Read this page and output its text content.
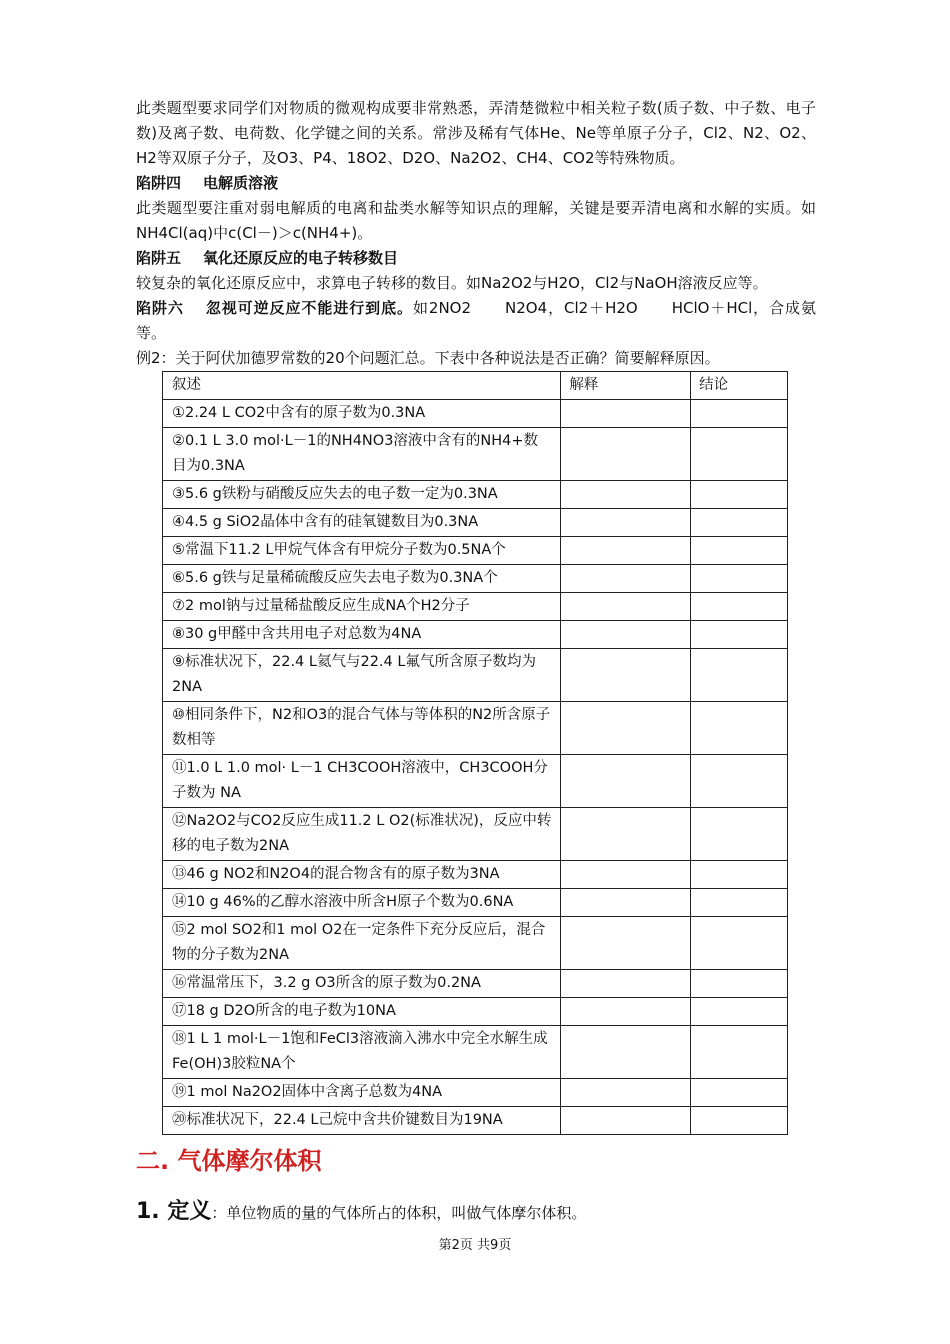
此类题型要求同学们对物质的微观构成要非常熟悉，弄清楚微粒中相关粒子数(质子数、中子数、电子数)及离子数、电荷数、化学键之间的关系。常涉及稀有气体He、Ne等单原子分子，Cl2、N2、O2、H2等双原子分子，及O3、P4、18O2、D2O、Na2O2、CH4、CO2等特殊物质。

陷阱四 电解质溶液

此类题型要注重对弱电解质的电离和盐类水解等知识点的理解，关键是要弄清电离和水解的实质。如NH4Cl(aq)中c(Cl－)＞c(NH4+)。

陷阱五 氧化还原反应的电子转移数目

较复杂的氧化还原反应中，求算电子转移的数目。如Na2O2与H2O，Cl2与NaOH溶液反应等。

陷阱六 忽视可逆反应不能进行到底。如2NO2 N2O4，Cl2＋H2O HClO＋HCl，合成氨等。

例2：关于阿伏加德罗常数的20个问题汇总。下表中各种说法是否正确？简要解释原因。

叙述	解释	结论
①2.24 L CO2中含有的原子数为0.3NA		
②0.1 L 3.0 mol·L－1的NH4NO3溶液中含有的NH4+数目为0.3NA		
③5.6 g铁粉与硝酸反应失去的电子数一定为0.3NA		
④4.5 g SiO2晶体中含有的硅氧键数目为0.3NA		
⑤常温下11.2 L甲烷气体含有甲烷分子数为0.5NA个		
⑥5.6 g铁与足量稀硫酸反应失去电子数为0.3NA个		
⑦2 mol钠与过量稀盐酸反应生成NA个H2分子		
⑧30 g甲醛中含共用电子对总数为4NA		
⑨标准状况下，22.4 L氦气与22.4 L氟气所含原子数均为2NA		
⑩相同条件下，N2和O3的混合气体与等体积的N2所含原子数相等		
⑪1.0 L 1.0 mol· L－1 CH3COOH溶液中，CH3COOH分子数为 NA		
⑫Na2O2与CO2反应生成11.2 L O2(标准状况)，反应中转移的电子数为2NA		
⑬46 g NO2和N2O4的混合物含有的原子数为3NA		
⑭10 g 46%的乙醇水溶液中所含H原子个数为0.6NA		
⑮2 mol SO2和1 mol O2在一定条件下充分反应后，混合物的分子数为2NA		
⑯常温常压下，3.2 g O3所含的原子数为0.2NA		
⑰18 g D2O所含的电子数为10NA		
⑱1 L 1 mol·L－1饱和FeCl3溶液滴入沸水中完全水解生成Fe(OH)3胶粒NA个		
⑲1 mol Na2O2固体中含离子总数为4NA		
⑳标准状况下，22.4 L己烷中含共价键数目为19NA		
二. 气体摩尔体积
1. 定义：单位物质的量的气体所占的体积，叫做气体摩尔体积。
第2页 共9页
